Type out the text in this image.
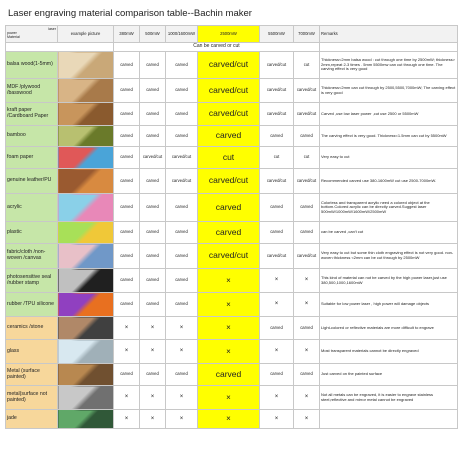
Laser engraving material comparison table--Bachin maker
laser
power
Material	example picture	380mW	500mW	1000/1600mW	2500mW	5500mW	7000mW	Remarks
		Can be carved or cut						
balsa wood(1-5mm)		carved	carved	carved	carved/cut	carved/cut	cut	Thickness<2mm balsa wood : cut through one time by 2500mW; thickness> 2mm,repeat 2-3 times . 5mm 5500mw can cut through one time. The carving effect is very good
MDF /plywood /basswood		carved	carved	carved	carved/cut	carved/cut	carved/cut	Thickness<2mm can cut through by 2500,5500,7000mW; The carving effect is very good
kraft paper /Cardboard Paper		carved	carved	carved	carved/cut	carved/cut	carved/cut	Carved ,use low laser power ,cut use 2500 or 5500mW
bamboo		carved	carved	carved	carved	carved	carved	The carving effect is very good. Thickness<1.5mm can cut by 5500mW
foam paper		carved	carved/cut	carved/cut	cut	cut	cut	Very easy to cut
genuine leather/PU		carved	carved	carved/cut	carved/cut	carved/cut	carved/cut	Recommended carved use 380-1600mW cut use 2500-7000mW.
acrylic		carved	carved	carved	carved	carved	carved	Colorless and transparent acrylic need a colored object at the bottom.Colored acrylic can be directly carved.Suggest laser 500mW/1000mW/1600mW/2500mW
plastic		carved	carved	carved	carved	carved	carved	can be carved ,can't cut
fabric/cloth /non-woven /canvas		carved	carved	carved	carved/cut	carved/cut	carved/cut	Very easy to cut but some thin cloth engraving effect is not very good. non-woven thickness <2mm can be cut through by 2500mW
photosensitive seal /rubber stamp		carved	carved	carved	×	×	×	This kind of material can not be carved by the high power laser,just use 380,500,1000,1600mW
rubber /TPU silicone		carved	carved	carved	×	×	×	Suitable for low power laser , high power will damage objects
ceramics /stone		×	×	×	×	carved	carved	Light-colored or reflective materials are more difficult to engrave
glass		×	×	×	×	×	×	Most transparent materials cannot be directly engraved
Metal (surface painted)		carved	carved	carved	carved	carved	carved	Just carved on the painted surface
metal(surface not painted)		×	×	×	×	×	×	Not all metals can be engraved, it is easier to engrave stainless steel,reflective and mirror metal cannot be engraved
jade		×	×	×	×	×	×	
